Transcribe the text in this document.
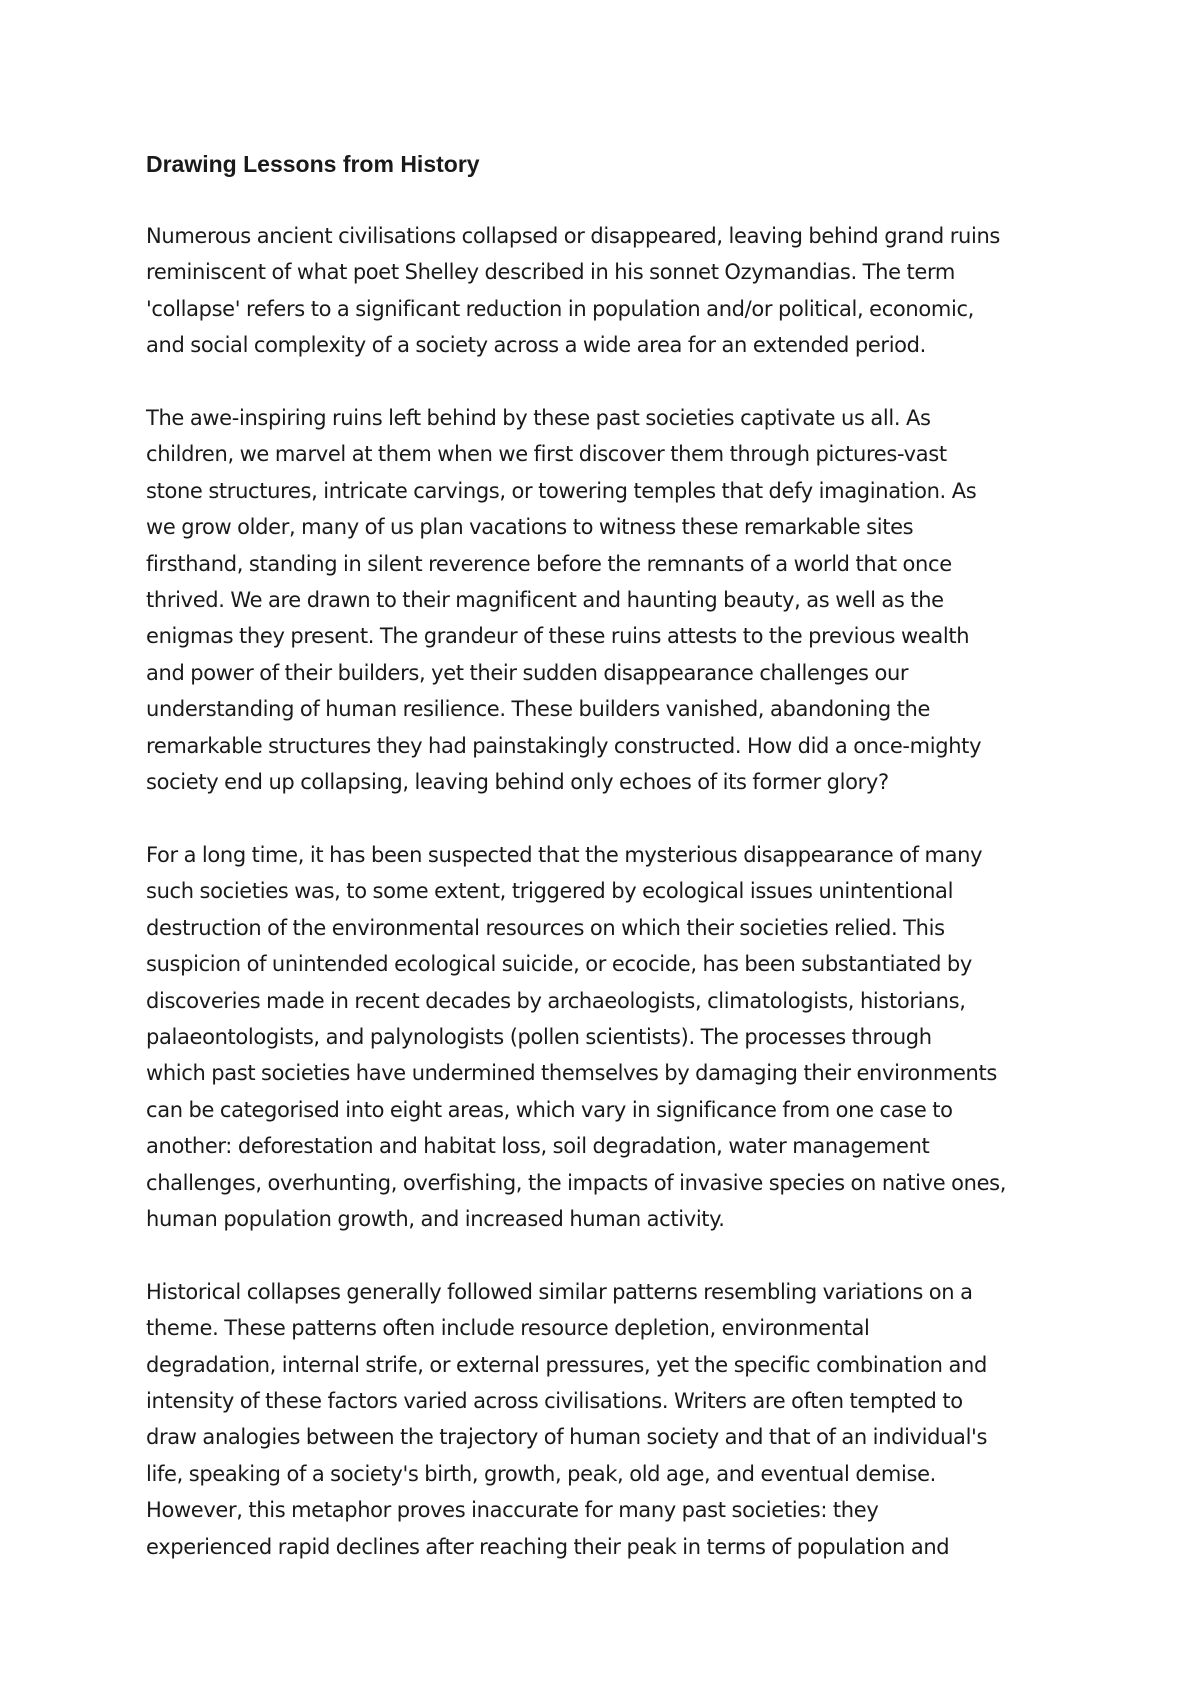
Drawing Lessons from History

Numerous ancient civilisations collapsed or disappeared, leaving behind grand ruins
reminiscent of what poet Shelley described in his sonnet Ozymandias. The term
'collapse' refers to a significant reduction in population and/or political, economic,
and social complexity of a society across a wide area for an extended period.

The awe-inspiring ruins left behind by these past societies captivate us all. As
children, we marvel at them when we first discover them through pictures-vast
stone structures, intricate carvings, or towering temples that defy imagination. As
we grow older, many of us plan vacations to witness these remarkable sites
firsthand, standing in silent reverence before the remnants of a world that once
thrived. We are drawn to their magnificent and haunting beauty, as well as the
enigmas they present. The grandeur of these ruins attests to the previous wealth
and power of their builders, yet their sudden disappearance challenges our
understanding of human resilience. These builders vanished, abandoning the
remarkable structures they had painstakingly constructed. How did a once-mighty
society end up collapsing, leaving behind only echoes of its former glory?

For a long time, it has been suspected that the mysterious disappearance of many
such societies was, to some extent, triggered by ecological issues unintentional
destruction of the environmental resources on which their societies relied. This
suspicion of unintended ecological suicide, or ecocide, has been substantiated by
discoveries made in recent decades by archaeologists, climatologists, historians,
palaeontologists, and palynologists (pollen scientists). The processes through
which past societies have undermined themselves by damaging their environments
can be categorised into eight areas, which vary in significance from one case to
another: deforestation and habitat loss, soil degradation, water management
challenges, overhunting, overfishing, the impacts of invasive species on native ones,
human population growth, and increased human activity.

Historical collapses generally followed similar patterns resembling variations on a
theme. These patterns often include resource depletion, environmental
degradation, internal strife, or external pressures, yet the specific combination and
intensity of these factors varied across civilisations. Writers are often tempted to
draw analogies between the trajectory of human society and that of an individual's
life, speaking of a society's birth, growth, peak, old age, and eventual demise.
However, this metaphor proves inaccurate for many past societies: they
experienced rapid declines after reaching their peak in terms of population and
